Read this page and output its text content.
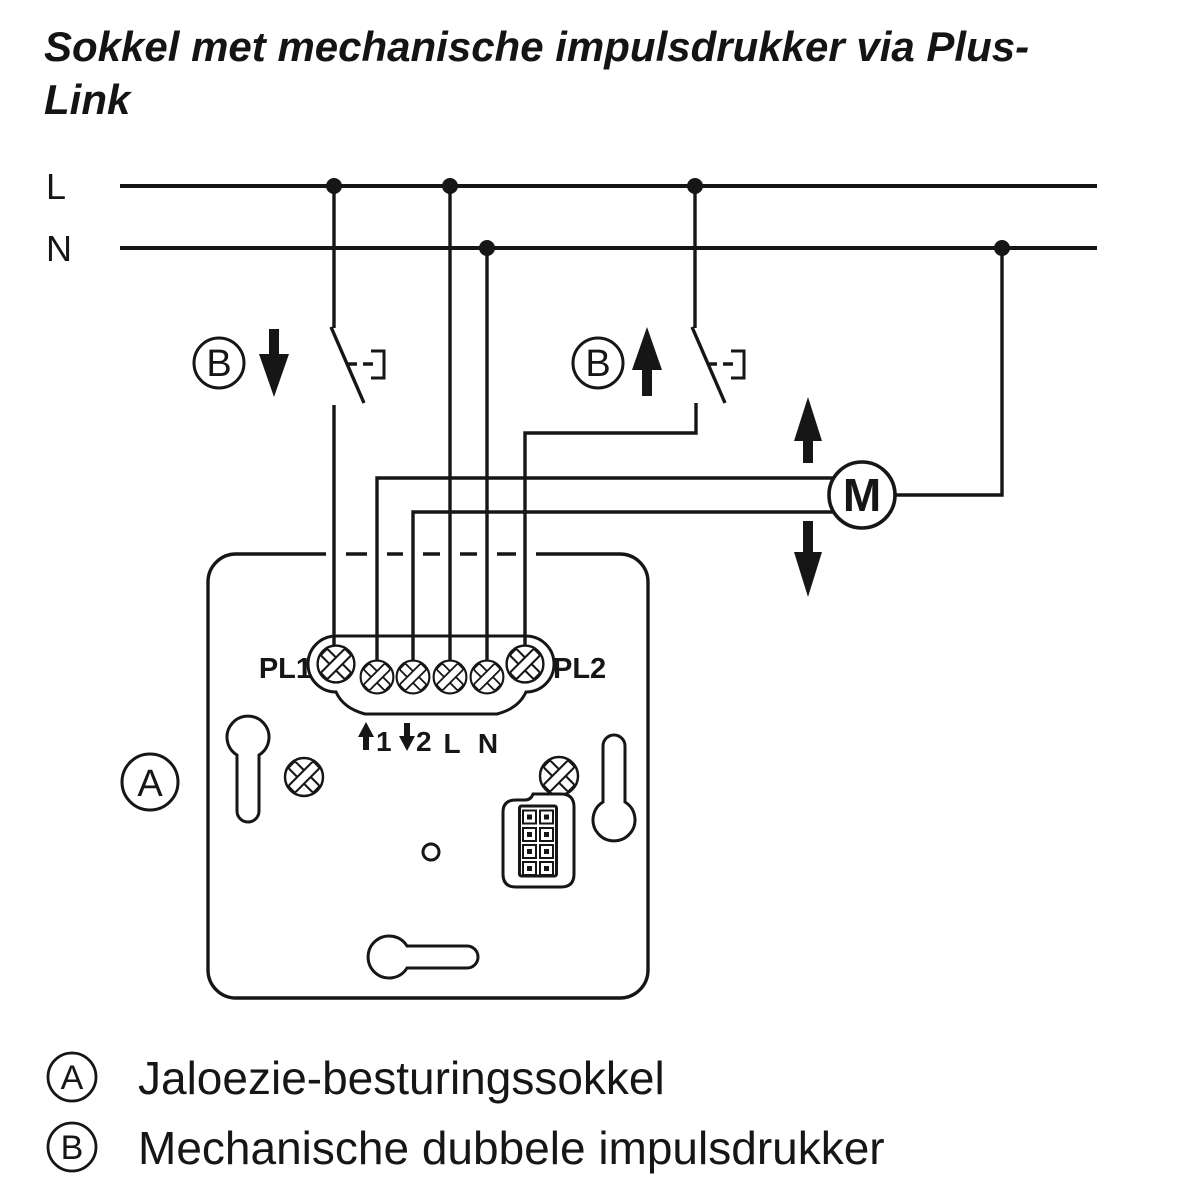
Sokkel met mechanische impulsdrukker via Plus-
Link
L
N
B	B
M
PL1	PL2
1 2 L N
A
A Jaloezie-besturingssokkel
B Mechanische dubbele impulsdrukker
